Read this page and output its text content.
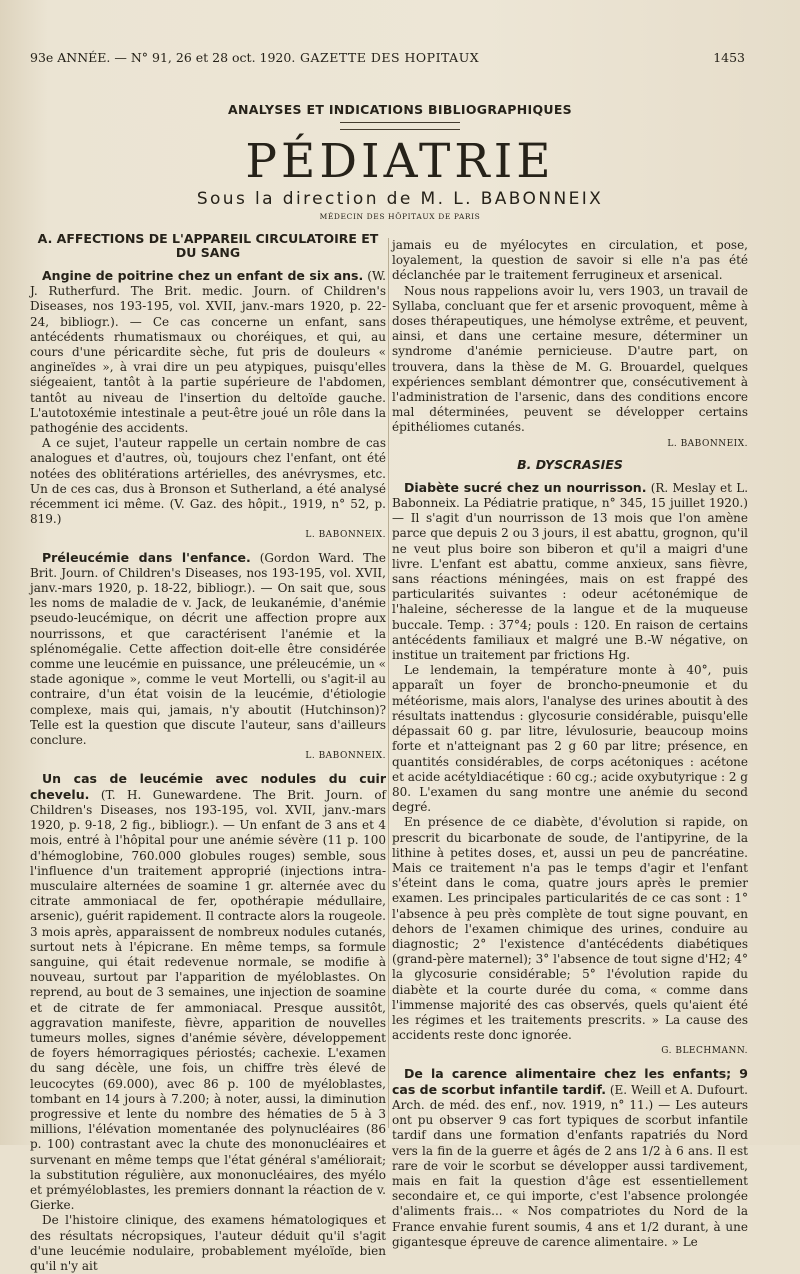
93e ANNÉE. — N° 91, 26 et 28 oct. 1920. GAZETTE DES HOPITAUX	1453
ANALYSES ET INDICATIONS BIBLIOGRAPHIQUES
PÉDIATRIE
Sous la direction de M. L. BABONNEIX
MÉDECIN DES HÔPITAUX DE PARIS
A. AFFECTIONS DE L'APPAREIL CIRCULATOIRE ET DU SANG

Angine de poitrine chez un enfant de six ans. (W. J. Rutherfurd. The Brit. medic. Journ. of Children's Diseases, nos 193-195, vol. XVII, janv.-mars 1920, p. 22-24, bibliogr.). — Ce cas concerne un enfant, sans antécédents rhumatismaux ou choréiques, et qui, au cours d'une péricardite sèche, fut pris de douleurs « angineïdes », à vrai dire un peu atypiques, puisqu'elles siégeaient, tantôt à la partie supérieure de l'abdomen, tantôt au niveau de l'insertion du deltoïde gauche. L'autotoxémie intestinale a peut-être joué un rôle dans la pathogénie des accidents.

A ce sujet, l'auteur rappelle un certain nombre de cas analogues et d'autres, où, toujours chez l'enfant, ont été notées des oblitérations artérielles, des anévrysmes, etc. Un de ces cas, dus à Bronson et Sutherland, a été analysé récemment ici même. (V. Gaz. des hôpit., 1919, n° 52, p. 819.)

L. BABONNEIX.

Préleucémie dans l'enfance. (Gordon Ward. The Brit. Journ. of Children's Diseases, nos 193-195, vol. XVII, janv.-mars 1920, p. 18-22, bibliogr.). — On sait que, sous les noms de maladie de v. Jack, de leukanémie, d'anémie pseudo-leucémique, on décrit une affection propre aux nourrissons, et que caractérisent l'anémie et la splénomégalie. Cette affection doit-elle être considérée comme une leucémie en puissance, une préleucémie, un « stade agonique », comme le veut Mortelli, ou s'agit-il au contraire, d'un état voisin de la leucémie, d'étiologie complexe, mais qui, jamais, n'y aboutit (Hutchinson)? Telle est la question que discute l'auteur, sans d'ailleurs conclure.

L. BABONNEIX.

Un cas de leucémie avec nodules du cuir chevelu. (T. H. Gunewardene. The Brit. Journ. of Children's Diseases, nos 193-195, vol. XVII, janv.-mars 1920, p. 9-18, 2 fig., bibliogr.). — Un enfant de 3 ans et 4 mois, entré à l'hôpital pour une anémie sévère (11 p. 100 d'hémoglobine, 760.000 globules rouges) semble, sous l'influence d'un traitement approprié (injections intra-musculaire alternées de soamine 1 gr. alternée avec du citrate ammoniacal de fer, opothérapie médullaire, arsenic), guérit rapidement. Il contracte alors la rougeole. 3 mois après, apparaissent de nombreux nodules cutanés, surtout nets à l'épicrane. En même temps, sa formule sanguine, qui était redevenue normale, se modifie à nouveau, surtout par l'apparition de myéloblastes. On reprend, au bout de 3 semaines, une injection de soamine et de citrate de fer ammoniacal. Presque aussitôt, aggravation manifeste, fièvre, apparition de nouvelles tumeurs molles, signes d'anémie sévère, développement de foyers hémorragiques périostés; cachexie. L'examen du sang décèle, une fois, un chiffre très élevé de leucocytes (69.000), avec 86 p. 100 de myéloblastes, tombant en 14 jours à 7.200; à noter, aussi, la diminution progressive et lente du nombre des hématies de 5 à 3 millions, l'élévation momentanée des polynucléaires (86 p. 100) contrastant avec la chute des mononucléaires et survenant en même temps que l'état général s'améliorait; la substitution régulière, aux mononucléaires, des myélo et prémyéloblastes, les premiers donnant la réaction de v. Gierke.

De l'histoire clinique, des examens hématologiques et des résultats nécropsiques, l'auteur déduit qu'il s'agit d'une leucémie nodulaire, probablement myéloïde, bien qu'il n'y ait

jamais eu de myélocytes en circulation, et pose, loyalement, la question de savoir si elle n'a pas été déclanchée par le traitement ferrugineux et arsenical.

Nous nous rappelions avoir lu, vers 1903, un travail de Syllaba, concluant que fer et arsenic provoquent, même à doses thérapeutiques, une hémolyse extrême, et peuvent, ainsi, et dans une certaine mesure, déterminer un syndrome d'anémie pernicieuse. D'autre part, on trouvera, dans la thèse de M. G. Brouardel, quelques expériences semblant démontrer que, consécutivement à l'administration de l'arsenic, dans des conditions encore mal déterminées, peuvent se développer certains épithéliomes cutanés.

L. BABONNEIX.
B. DYSCRASIES

Diabète sucré chez un nourrisson. (R. Meslay et L. Babonneix. La Pédiatrie pratique, n° 345, 15 juillet 1920.) — Il s'agit d'un nourrisson de 13 mois que l'on amène parce que depuis 2 ou 3 jours, il est abattu, grognon, qu'il ne veut plus boire son biberon et qu'il a maigri d'une livre. L'enfant est abattu, comme anxieux, sans fièvre, sans réactions méningées, mais on est frappé des particularités suivantes : odeur acétonémique de l'haleine, sécheresse de la langue et de la muqueuse buccale. Temp. : 37°4; pouls : 120. En raison de certains antécédents familiaux et malgré une B.-W négative, on institue un traitement par frictions Hg.

Le lendemain, la température monte à 40°, puis apparaît un foyer de broncho-pneumonie et du météorisme, mais alors, l'analyse des urines aboutit à des résultats inattendus : glycosurie considérable, puisqu'elle dépassait 60 g. par litre, lévulosurie, beaucoup moins forte et n'atteignant pas 2 g 60 par litre; présence, en quantités considérables, de corps acétoniques : acétone et acide acétyldiacétique : 60 cg.; acide oxybutyrique : 2 g 80. L'examen du sang montre une anémie du second degré.

En présence de ce diabète, d'évolution si rapide, on prescrit du bicarbonate de soude, de l'antipyrine, de la lithine à petites doses, et, aussi un peu de pancréatine. Mais ce traitement n'a pas le temps d'agir et l'enfant s'éteint dans le coma, quatre jours après le premier examen. Les principales particularités de ce cas sont : 1° l'absence à peu près complète de tout signe pouvant, en dehors de l'examen chimique des urines, conduire au diagnostic; 2° l'existence d'antécédents diabétiques (grand-père maternel); 3° l'absence de tout signe d'H2; 4° la glycosurie considérable; 5° l'évolution rapide du diabète et la courte durée du coma, « comme dans l'immense majorité des cas observés, quels qu'aient été les régimes et les traitements prescrits. » La cause des accidents reste donc ignorée.

G. BLECHMANN.

De la carence alimentaire chez les enfants; 9 cas de scorbut infantile tardif. (E. Weill et A. Dufourt. Arch. de méd. des enf., nov. 1919, n° 11.) — Les auteurs ont pu observer 9 cas fort typiques de scorbut infantile tardif dans une formation d'enfants rapatriés du Nord vers la fin de la guerre et âgés de 2 ans 1/2 à 6 ans. Il est rare de voir le scorbut se développer aussi tardivement, mais en fait la question d'âge est essentiellement secondaire et, ce qui importe, c'est l'absence prolongée d'aliments frais... « Nos compatriotes du Nord de la France envahie furent soumis, 4 ans et 1/2 durant, à une gigantesque épreuve de carence alimentaire. » Le
